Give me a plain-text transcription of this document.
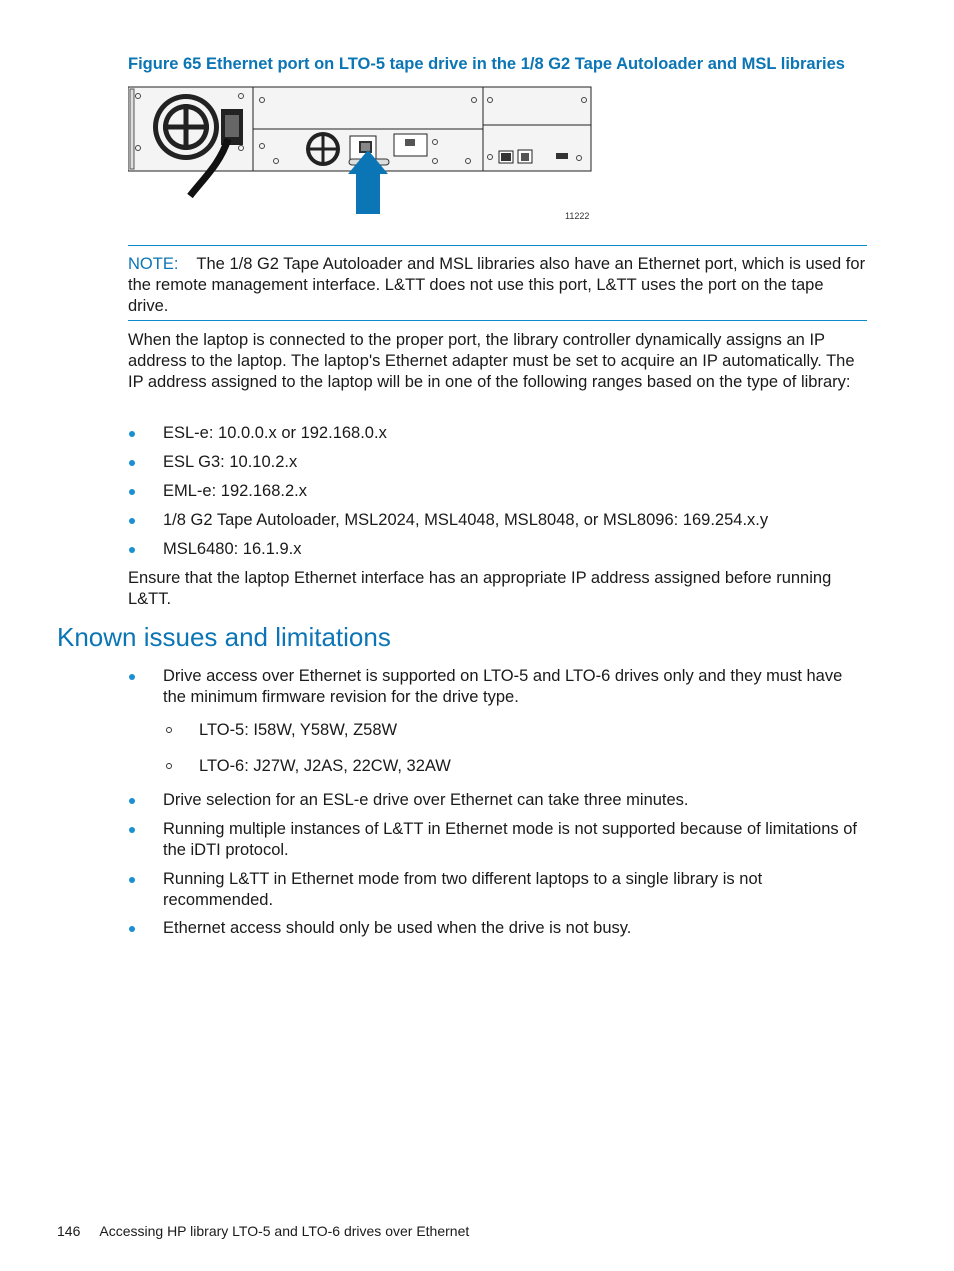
Figure 65 Ethernet port on LTO-5 tape drive in the 1/8 G2 Tape Autoloader and MSL libraries
11222
NOTE: The 1/8 G2 Tape Autoloader and MSL libraries also have an Ethernet port, which is used for the remote management interface. L&TT does not use this port, L&TT uses the port on the tape drive.
When the laptop is connected to the proper port, the library controller dynamically assigns an IP address to the laptop. The laptop's Ethernet adapter must be set to acquire an IP automatically. The IP address assigned to the laptop will be in one of the following ranges based on the type of library:
ESL-e: 10.0.0.x or 192.168.0.x
ESL G3: 10.10.2.x
EML-e: 192.168.2.x
1/8 G2 Tape Autoloader, MSL2024, MSL4048, MSL8048, or MSL8096: 169.254.x.y
MSL6480: 16.1.9.x
Ensure that the laptop Ethernet interface has an appropriate IP address assigned before running L&TT.
Known issues and limitations
Drive access over Ethernet is supported on LTO-5 and LTO-6 drives only and they must have the minimum firmware revision for the drive type.
LTO-5: I58W, Y58W, Z58W
LTO-6: J27W, J2AS, 22CW, 32AW
Drive selection for an ESL-e drive over Ethernet can take three minutes.
Running multiple instances of L&TT in Ethernet mode is not supported because of limitations of the iDTI protocol.
Running L&TT in Ethernet mode from two different laptops to a single library is not recommended.
Ethernet access should only be used when the drive is not busy.
146 Accessing HP library LTO-5 and LTO-6 drives over Ethernet
